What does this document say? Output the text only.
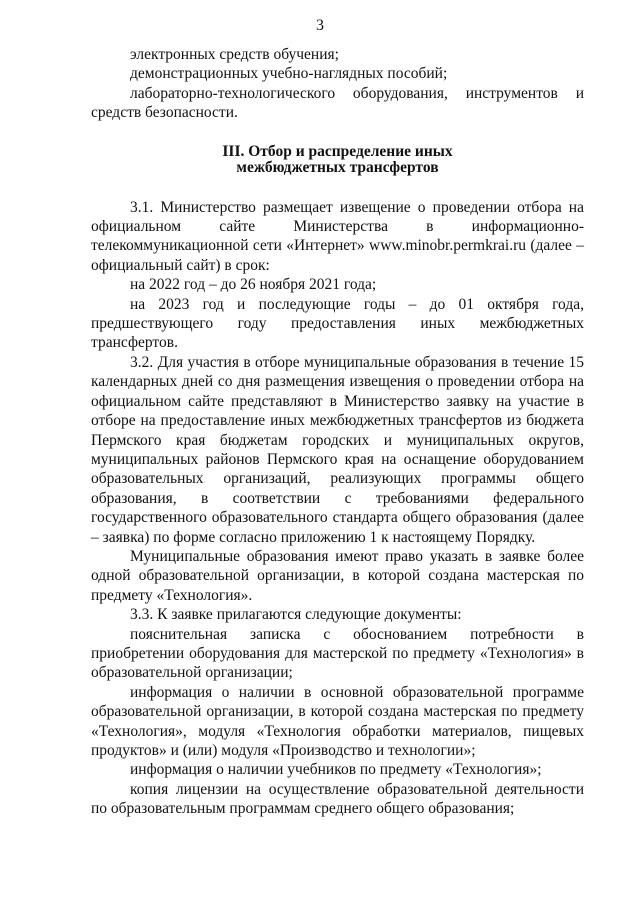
3

электронных средств обучения;

демонстрационных учебно-наглядных пособий;

лабораторно-технологического оборудования, инструментов и средств безопасности.

III. Отбор и распределение иных
межбюджетных трансфертов

3.1. Министерство размещает извещение о проведении отбора на официальном сайте Министерства в информационно-телекоммуникационной сети «Интернет» www.minobr.permkrai.ru (далее – официальный сайт) в срок:

на 2022 год – до 26 ноября 2021 года;

на 2023 год и последующие годы – до 01 октября года, предшествующего году предоставления иных межбюджетных трансфертов.

3.2. Для участия в отборе муниципальные образования в течение 15 календарных дней со дня размещения извещения о проведении отбора на официальном сайте представляют в Министерство заявку на участие в отборе на предоставление иных межбюджетных трансфертов из бюджета Пермского края бюджетам городских и муниципальных округов, муниципальных районов Пермского края на оснащение оборудованием образовательных организаций, реализующих программы общего образования, в соответствии с требованиями федерального государственного образовательного стандарта общего образования (далее – заявка) по форме согласно приложению 1 к настоящему Порядку.

Муниципальные образования имеют право указать в заявке более одной образовательной организации, в которой создана мастерская по предмету «Технология».

3.3. К заявке прилагаются следующие документы:

пояснительная записка с обоснованием потребности в приобретении оборудования для мастерской по предмету «Технология» в образовательной организации;

информация о наличии в основной образовательной программе образовательной организации, в которой создана мастерская по предмету «Технология», модуля «Технология обработки материалов, пищевых продуктов» и (или) модуля «Производство и технологии»;

информация о наличии учебников по предмету «Технология»;

копия лицензии на осуществление образовательной деятельности по образовательным программам среднего общего образования;
